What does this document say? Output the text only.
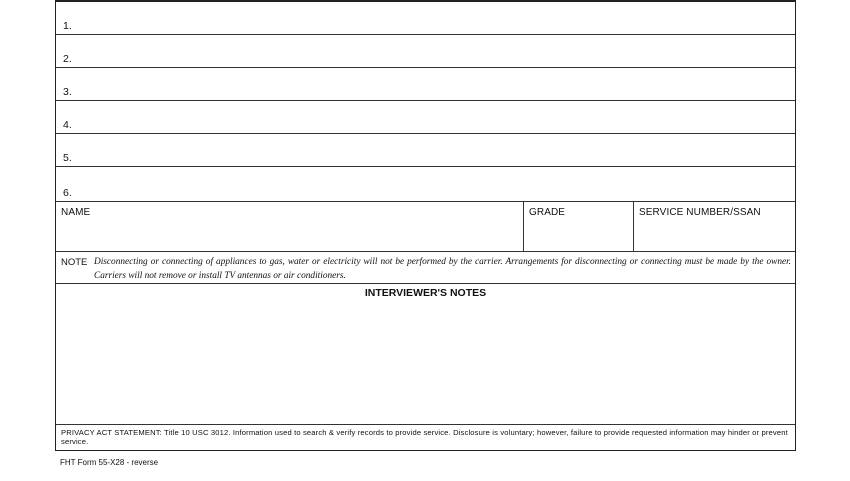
1.
2.
3.
4.
5.
6.
NAME	GRADE	SERVICE NUMBER/SSAN
NOTE Disconnecting or connecting of appliances to gas, water or electricity will not be performed by the carrier. Arrangements for disconnecting or connecting must be made by the owner. Carriers will not remove or install TV antennas or air conditioners.
INTERVIEWER'S NOTES
PRIVACY ACT STATEMENT: Title 10 USC 3012. Information used to search & verify records to provide service. Disclosure is voluntary; however, failure to provide requested information may hinder or prevent service.
FHT Form 55-X28 - reverse
